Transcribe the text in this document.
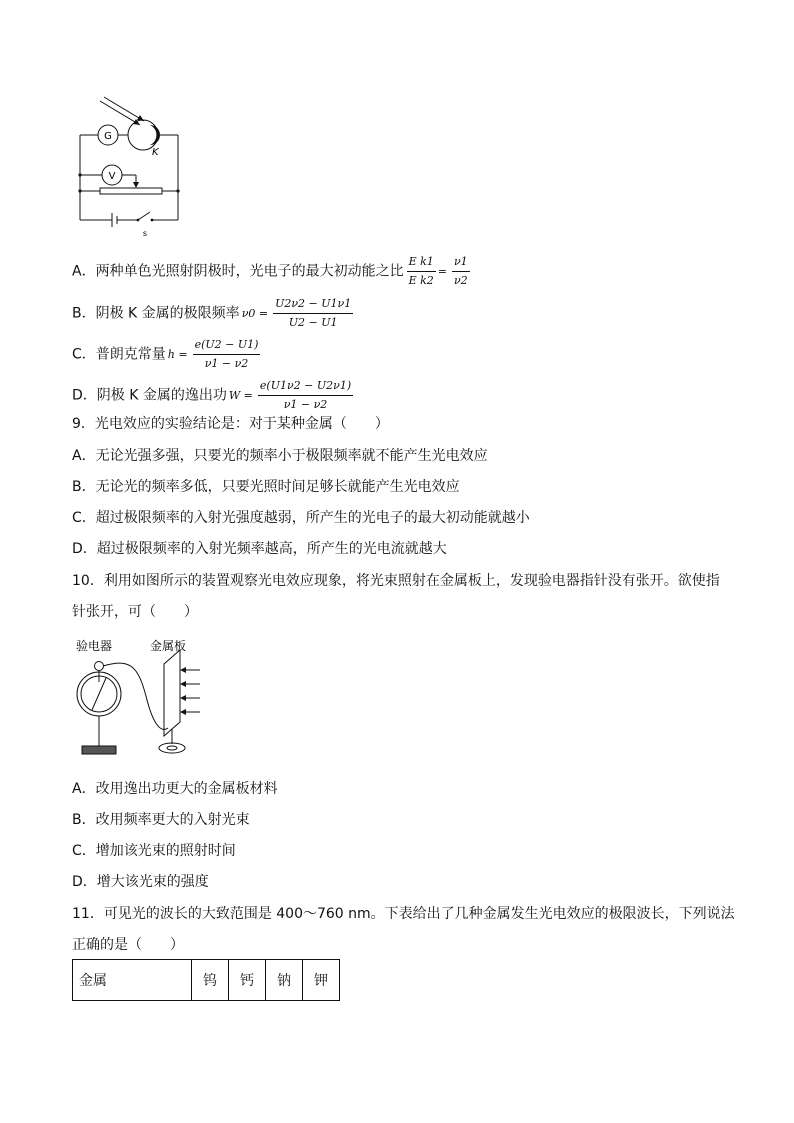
G
K
V
s
A．两种单色光照射阴极时，光电子的最大初动能之比 $\frac{\text{E k1}}{\text{E k2}} = \frac{\nu 1}{\nu 2}$
B．阴极 K 金属的极限频率 $\nu 0 = \frac{U2\nu 2 - U1\nu 1}{U2 - U1}$
C．普朗克常量 $h = \frac{e(U2 - U1)}{\nu 1 - \nu 2}$
D．阴极 K 金属的逸出功 $W = \frac{e(U1\nu 2 - U2\nu 1)}{\nu 1 - \nu 2}$
9．光电效应的实验结论是：对于某种金属（　　）
A．无论光强多强，只要光的频率小于极限频率就不能产生光电效应
B．无论光的频率多低，只要光照时间足够长就能产生光电效应
C．超过极限频率的入射光强度越弱，所产生的光电子的最大初动能就越小
D．超过极限频率的入射光频率越高，所产生的光电流就越大
10．利用如图所示的装置观察光电效应现象，将光束照射在金属板上，发现验电器指针没有张开。欲使指
针张开，可（　　）
验电器	金属板
A．改用逸出功更大的金属板材料
B．改用频率更大的入射光束
C．增加该光束的照射时间
D．增大该光束的强度
11．可见光的波长的大致范围是 400～760 nm。下表给出了几种金属发生光电效应的极限波长，下列说法
正确的是（　　）
金属	钨	钙	钠	钾
